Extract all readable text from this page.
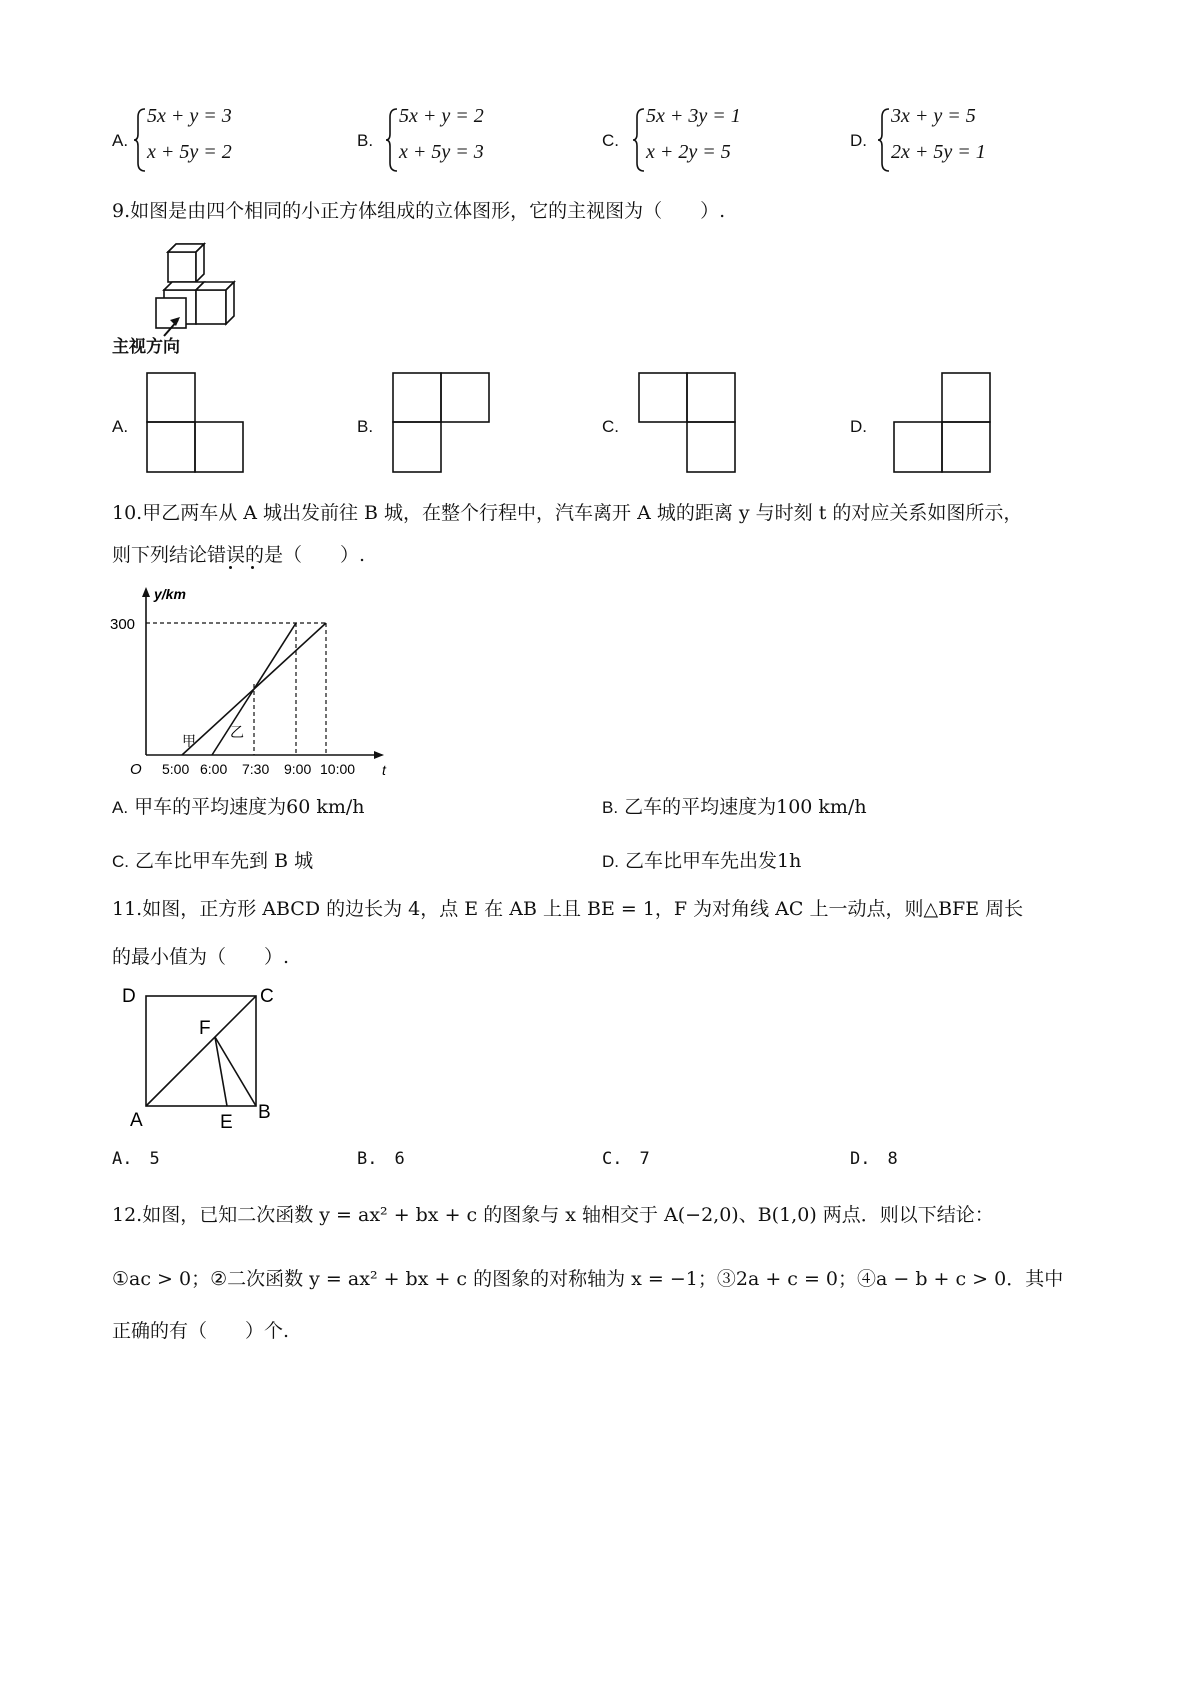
A.
5x + y = 3
x + 5y = 2
B.
5x + y = 2
x + 5y = 3
C.
5x + 3y = 1
x + 2y = 5
D.
3x + y = 5
2x + 5y = 1
9.如图是由四个相同的小正方体组成的立体图形，它的主视图为（　　）.
主视方向
A.	B.	C.	D.
10.甲乙两车从 A 城出发前往 B 城，在整个行程中，汽车离开 A 城的距离 y 与时刻 t 的对应关系如图所示，
则下列结论错误的是（　　）.
y/km
t
O
300
甲
乙
5:00 6:00 7:30 9:00 10:00
A. 甲车的平均速度为60 km/h	B. 乙车的平均速度为100 km/h
C. 乙车比甲车先到 B 城	D. 乙车比甲车先出发1h
11.如图，正方形 ABCD 的边长为 4，点 E 在 AB 上且 BE = 1，F 为对角线 AC 上一动点，则△BFE 周长
的最小值为（　　）.
D	C
F
A	E B
A.　5	B.　6	C.　7	D.　8
12.如图，已知二次函数 y = ax² + bx + c 的图象与 x 轴相交于 A(−2,0)、B(1,0) 两点．则以下结论：
①ac > 0；②二次函数 y = ax² + bx + c 的图象的对称轴为 x = −1；③2a + c = 0；④a − b + c > 0．其中
正确的有（　　）个.
